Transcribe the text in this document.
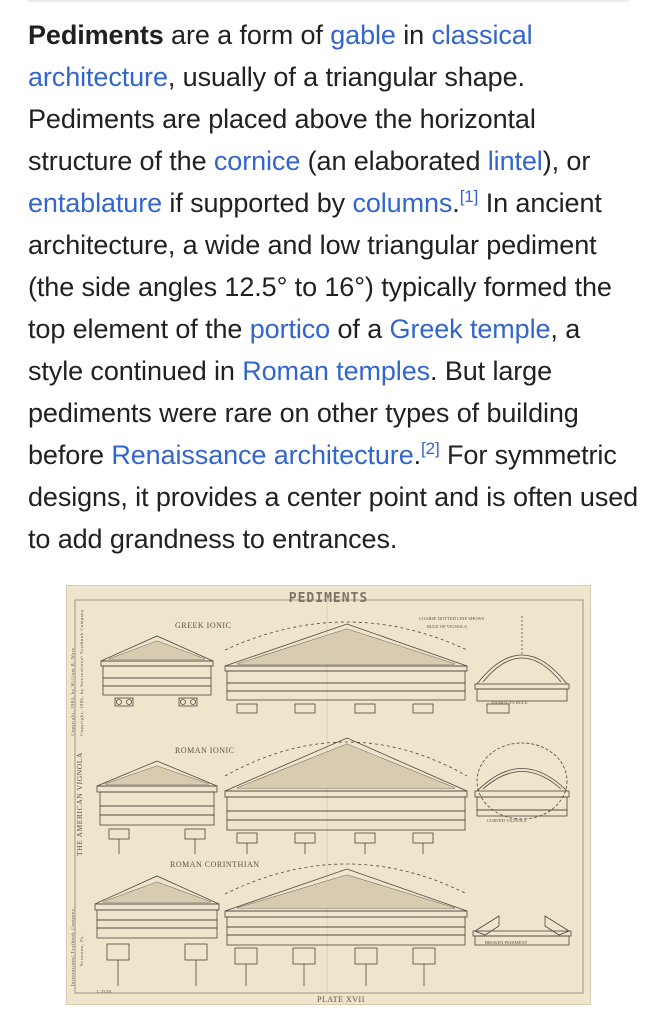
Pediments are a form of gable in classical architecture, usually of a triangular shape. Pediments are placed above the horizontal structure of the cornice (an elaborated lintel), or entablature if supported by columns.[1] In ancient architecture, a wide and low triangular pediment (the side angles 12.5° to 16°) typically formed the top element of the portico of a Greek temple, a style continued in Roman temples. But large pediments were rare on other types of building before Renaissance architecture.[2] For symmetric designs, it provides a center point and is often used to add grandness to entrances.

PEDIMENTS
GREEK IONIC
ROMAN IONIC
ROMAN CORINTHIAN
COARSE DOTTED LINE SHOWS
RULE OF VIGNOLA
VIGNOLA'S RULE
CURVED VIGNOLA
BROKEN PEDIMENT
THE AMERICAN VIGNOLA
Copyright, 1904, by William R. Ware Copyright, 1906, by International Textbook Company
International Textbook Company, Scranton, Pa.
L 23 D1
PLATE XVII
